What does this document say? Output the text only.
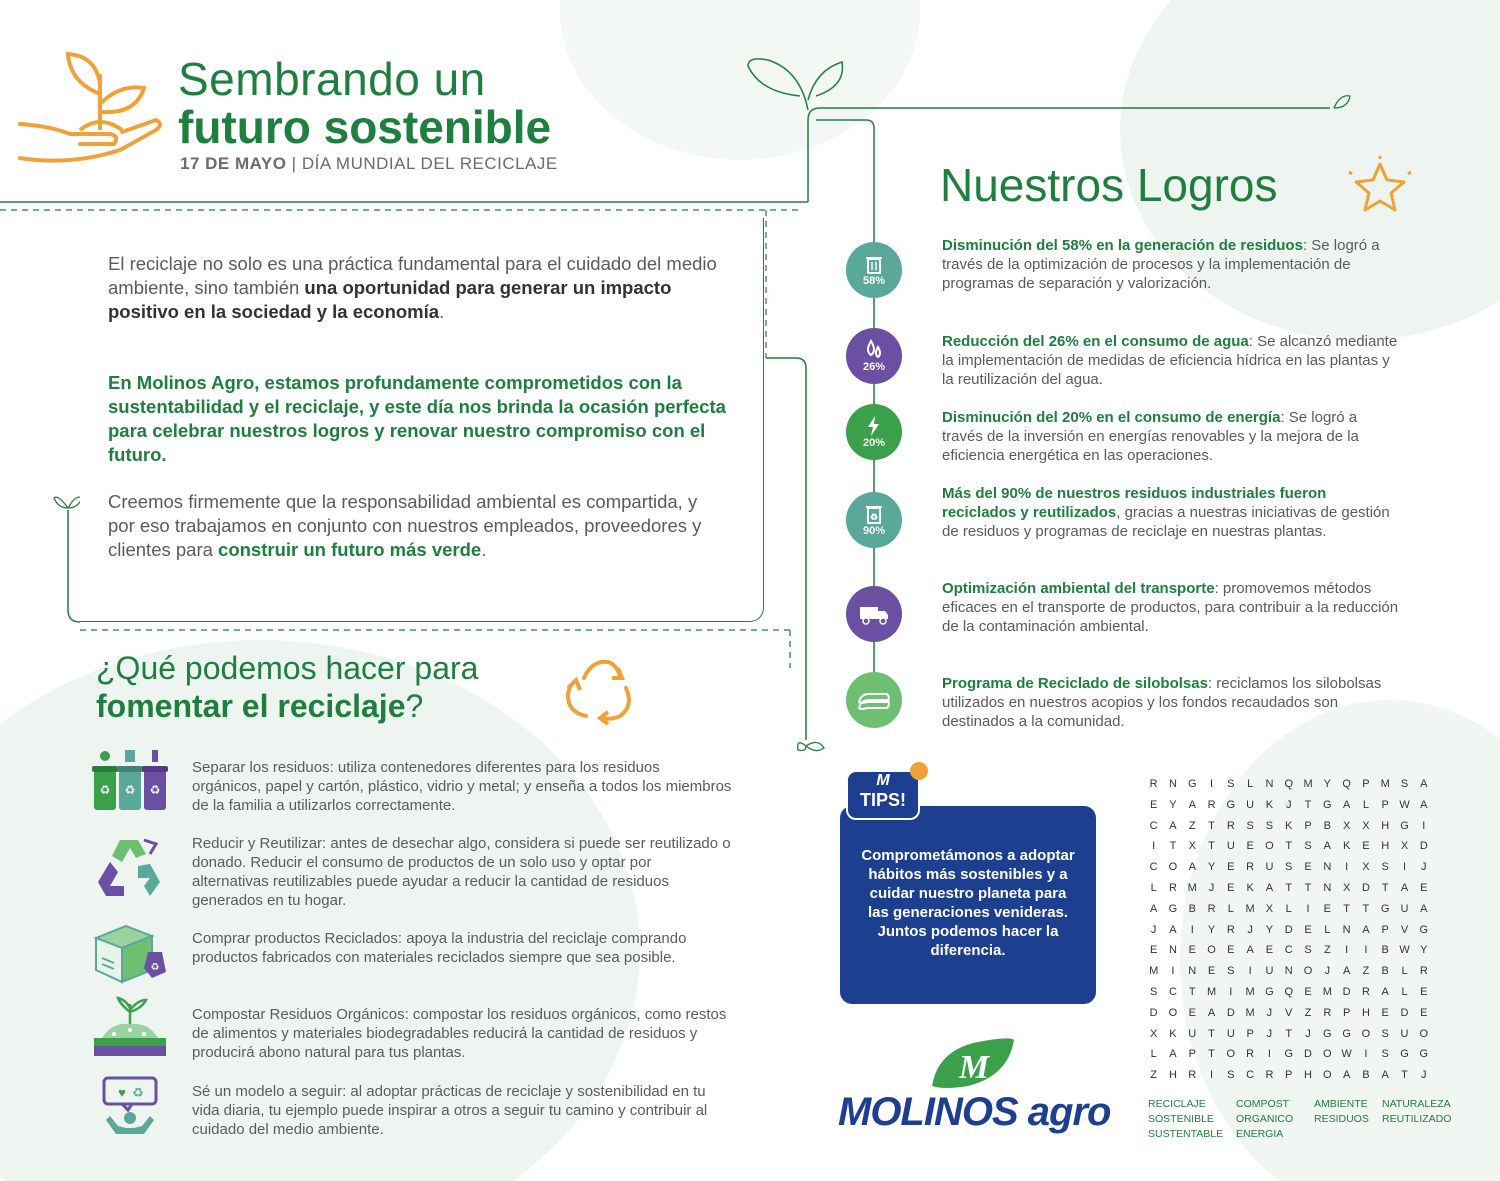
Sembrando un
futuro sostenible
17 DE MAYO | DÍA MUNDIAL DEL RECICLAJE
El reciclaje no solo es una práctica fundamental para el cuidado del medio ambiente, sino también una oportunidad para generar un impacto positivo en la sociedad y la economía.
En Molinos Agro, estamos profundamente comprometidos con la sustentabilidad y el reciclaje, y este día nos brinda la ocasión perfecta para celebrar nuestros logros y renovar nuestro compromiso con el futuro.
Creemos firmemente que la responsabilidad ambiental es compartida, y por eso trabajamos en conjunto con nuestros empleados, proveedores y clientes para construir un futuro más verde.
¿Qué podemos hacer para
fomentar el reciclaje?
♻ ♻ ♻
Separar los residuos: utiliza contenedores diferentes para los residuos orgánicos, papel y cartón, plástico, vidrio y metal; y enseña a todos los miembros de la familia a utilizarlos correctamente.
Reducir y Reutilizar: antes de desechar algo, considera si puede ser reutilizado o donado. Reducir el consumo de productos de un solo uso y optar por alternativas reutilizables puede ayudar a reducir la cantidad de residuos generados en tu hogar.
♻
Comprar productos Reciclados: apoya la industria del reciclaje comprando productos fabricados con materiales reciclados siempre que sea posible.
Compostar Residuos Orgánicos: compostar los residuos orgánicos, como restos de alimentos y materiales biodegradables reducirá la cantidad de residuos y producirá abono natural para tus plantas.
♥ ♻	Sé un modelo a seguir: al adoptar prácticas de reciclaje y sostenibilidad en tu vida diaria, tu ejemplo puede inspirar a otros a seguir tu camino y contribuir al cuidado del medio ambiente.
Nuestros Logros
58%
26%
20%
♻
90%
Disminución del 58% en la generación de residuos: Se logró a través de la optimización de procesos y la implementación de programas de separación y valorización.
Reducción del 26% en el consumo de agua: Se alcanzó mediante la implementación de medidas de eficiencia hídrica en las plantas y la reutilización del agua.
Disminución del 20% en el consumo de energía: Se logró a través de la inversión en energías renovables y la mejora de la eficiencia energética en las operaciones.
Más del 90% de nuestros residuos industriales fueron reciclados y reutilizados, gracias a nuestras iniciativas de gestión de residuos y programas de reciclaje en nuestras plantas.
Optimización ambiental del transporte: promovemos métodos eficaces en el transporte de productos, para contribuir a la reducción de la contaminación ambiental.
Programa de Reciclado de silobolsas: reciclamos los silobolsas utilizados en nuestros acopios y los fondos recaudados son destinados a la comunidad.
Comprometámonos a adoptar hábitos más sostenibles y a cuidar nuestro planeta para las generaciones venideras. Juntos podemos hacer la diferencia.
M
TIPS!
M
MOLINOS agro
R	N	G	I	S	L	N	Q M	Y	Q	P	M	S	A
E	Y	A	R	G	U	K	J	T	G	A	L	P W A
C	A	Z	T	R	S	S	K	P	B	X	X	H	G	I
I	T	X	T	U	E	O	T	S	A	K	E	H	X	D
C	O	A	Y	E	R	U	S	E	N	I	X	S	I	J
L	R M	J	E	K	A	T	T	N	X	D	T	A	E
A	G	B	R	L	M	X	L	I	E	T	T	G	U	A
J	A	I	Y	R	J	Y	D	E	L	N	A	P	V	G
E	N	E	O	E	A	E	C	S	Z	I	I	B W Y
M	I	N	E	S	I	U	N	O	J	A	Z	B	L	R
S	C	T	M	I	M G Q	E	M D	R	A	L	E
D	O	E	A	D M	J	V	Z	R	P	H	E	D	E
X	K	U	T	U	P	J	T	J	G G O	S	U	O
L	A	P	T	O	R	I	G	D	O W	I	S	G G
Z	H	R	I	S	C	R	P	H	O	A	B	A	T	J
RECICLAJE	COMPOST	AMBIENTE	NATURALEZA
SOSTENIBLE	ORGANICO	RESIDUOS	REUTILIZADO
SUSTENTABLE	ENERGIA
